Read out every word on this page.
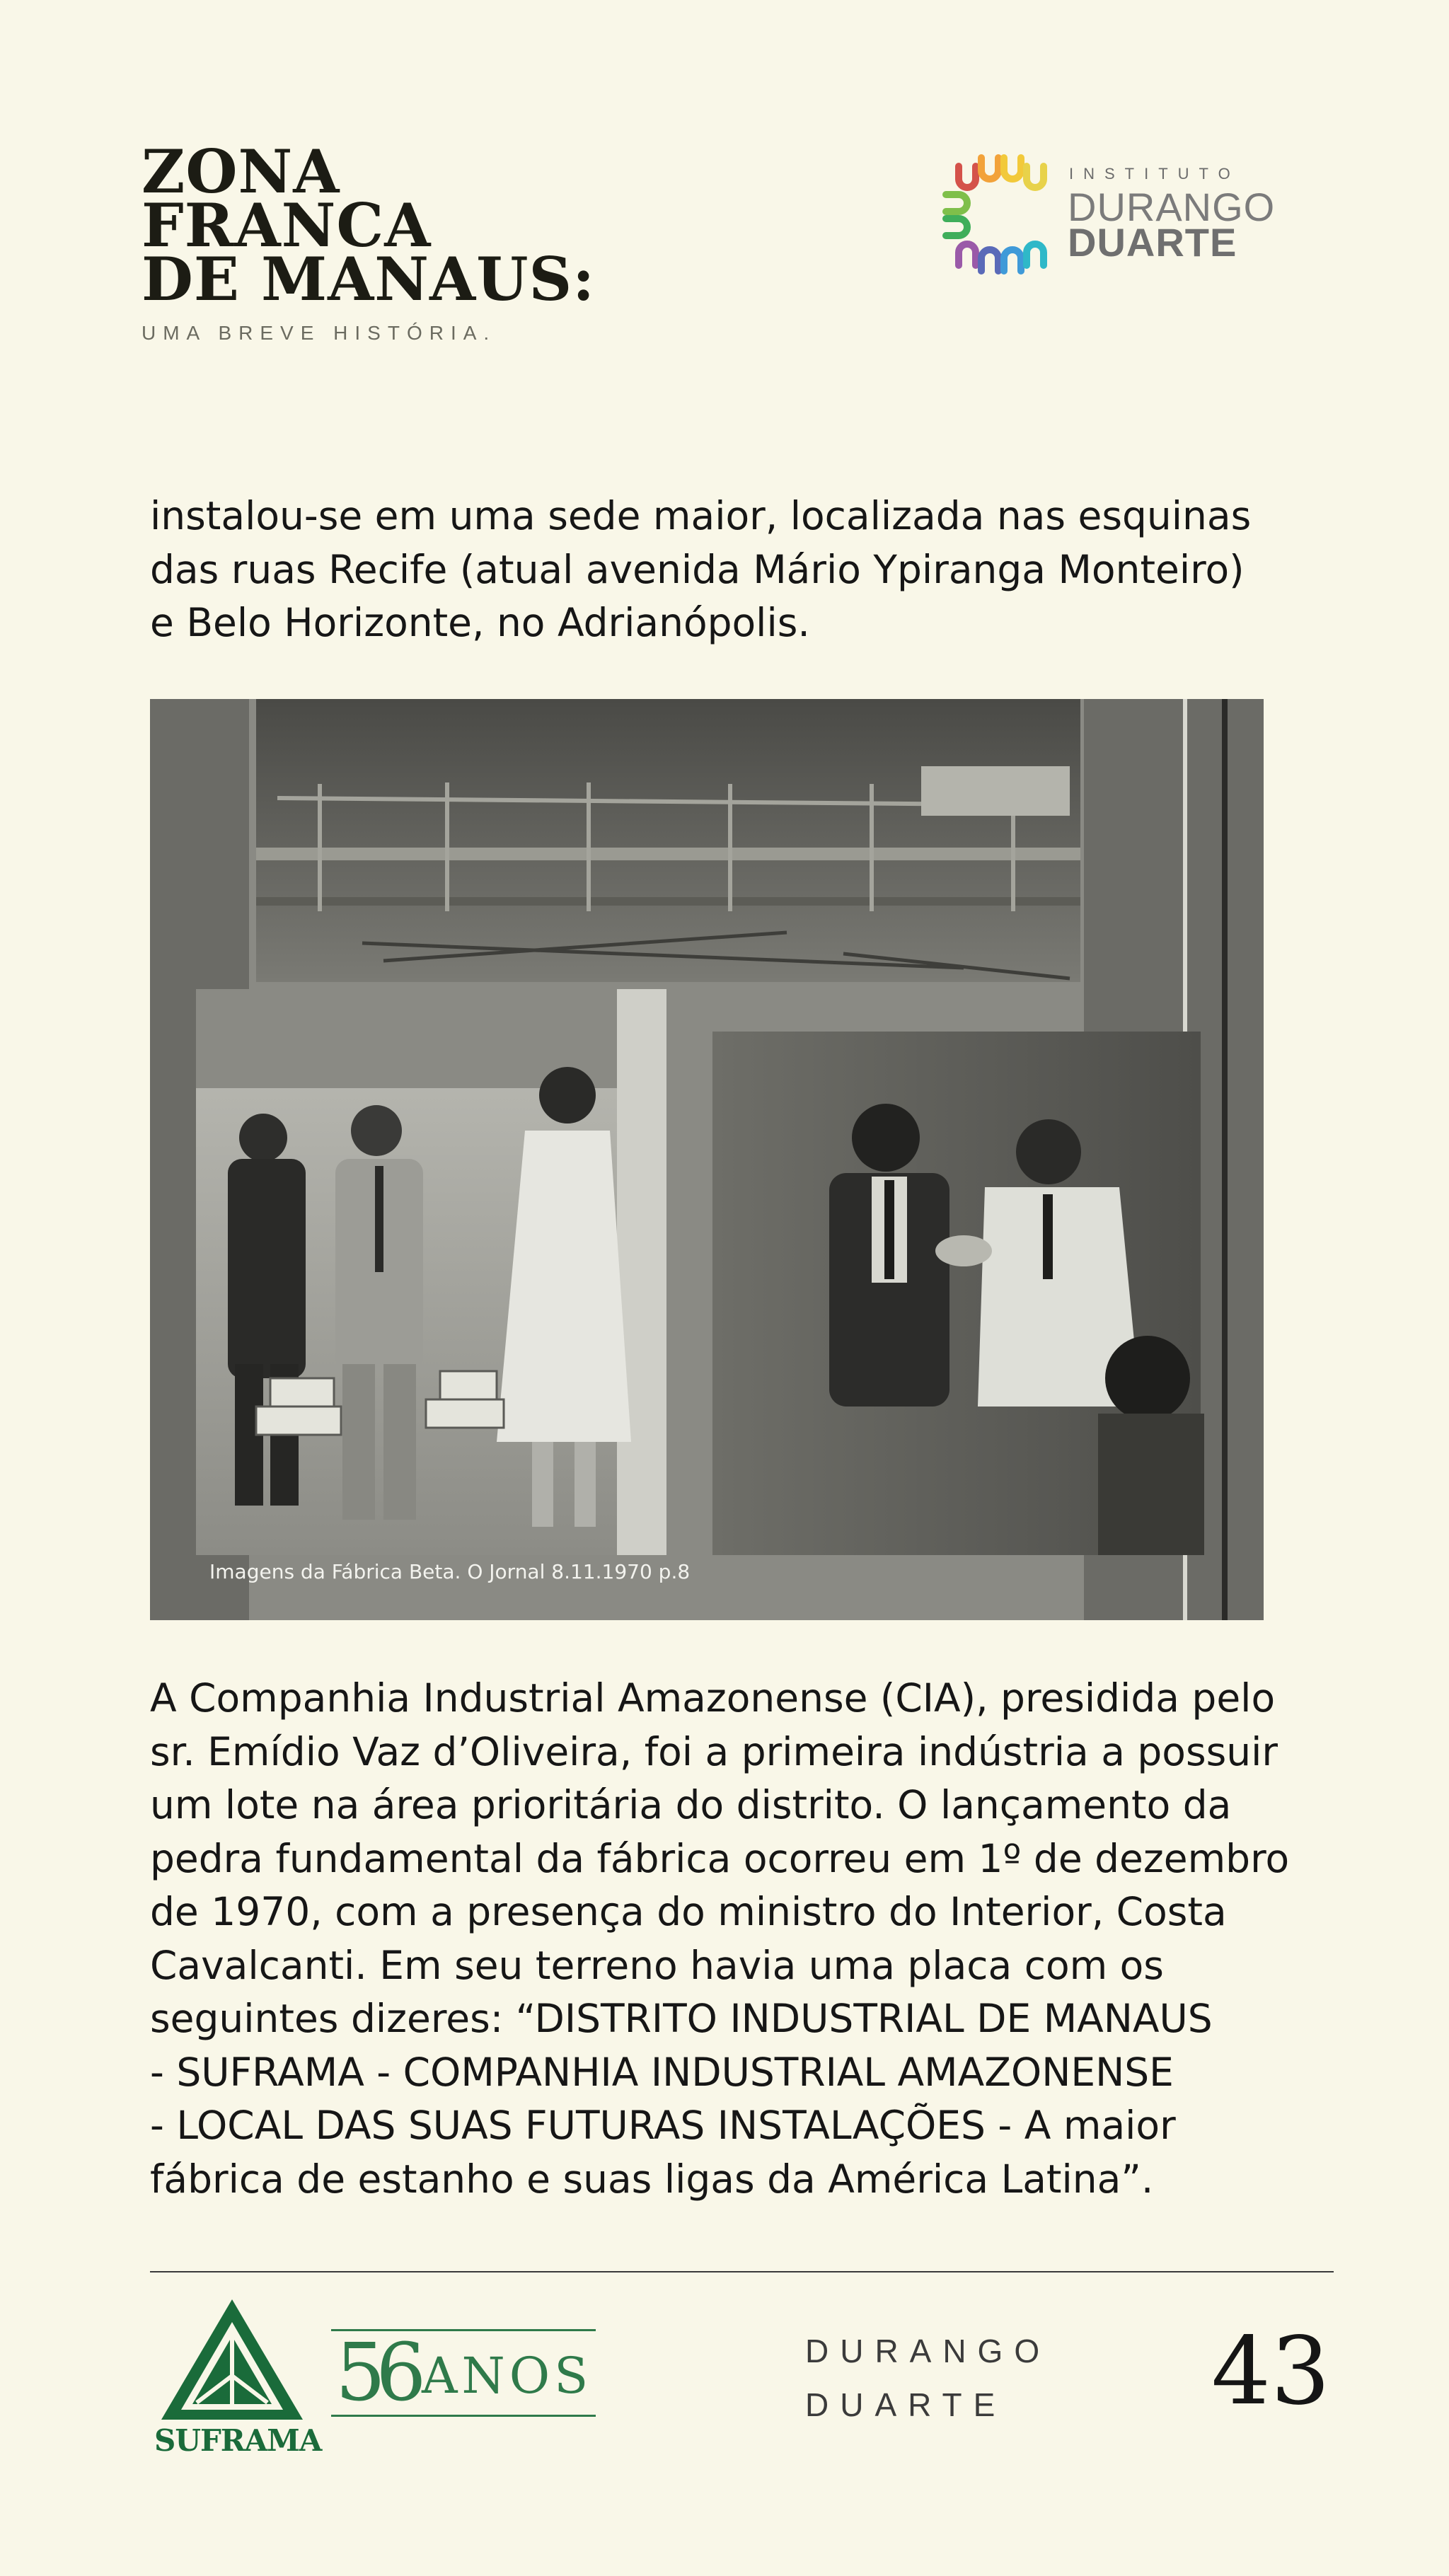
ZONA
FRANCA
DE MANAUS:
UMA BREVE HISTÓRIA.
INSTITUTO
DURANGO
DUARTE
instalou-se em uma sede maior, localizada nas esquinas
das ruas Recife (atual avenida Mário Ypiranga Monteiro)
e Belo Horizonte, no Adrianópolis.
Imagens da Fábrica Beta. O Jornal 8.11.1970 p.8
A Companhia Industrial Amazonense (CIA), presidida pelo
sr. Emídio Vaz d’Oliveira, foi a primeira indústria a possuir
um lote na área prioritária do distrito. O lançamento da
pedra fundamental da fábrica ocorreu em 1º de dezembro
de 1970, com a presença do ministro do Interior, Costa
Cavalcanti. Em seu terreno havia uma placa com os
seguintes dizeres: “DISTRITO INDUSTRIAL DE MANAUS
- SUFRAMA - COMPANHIA INDUSTRIAL AMAZONENSE
- LOCAL DAS SUAS FUTURAS INSTALAÇÕES - A maior
fábrica de estanho e suas ligas da América Latina”.
SUFRAMA
56 ANOS	DURANGO
DUARTE	43
